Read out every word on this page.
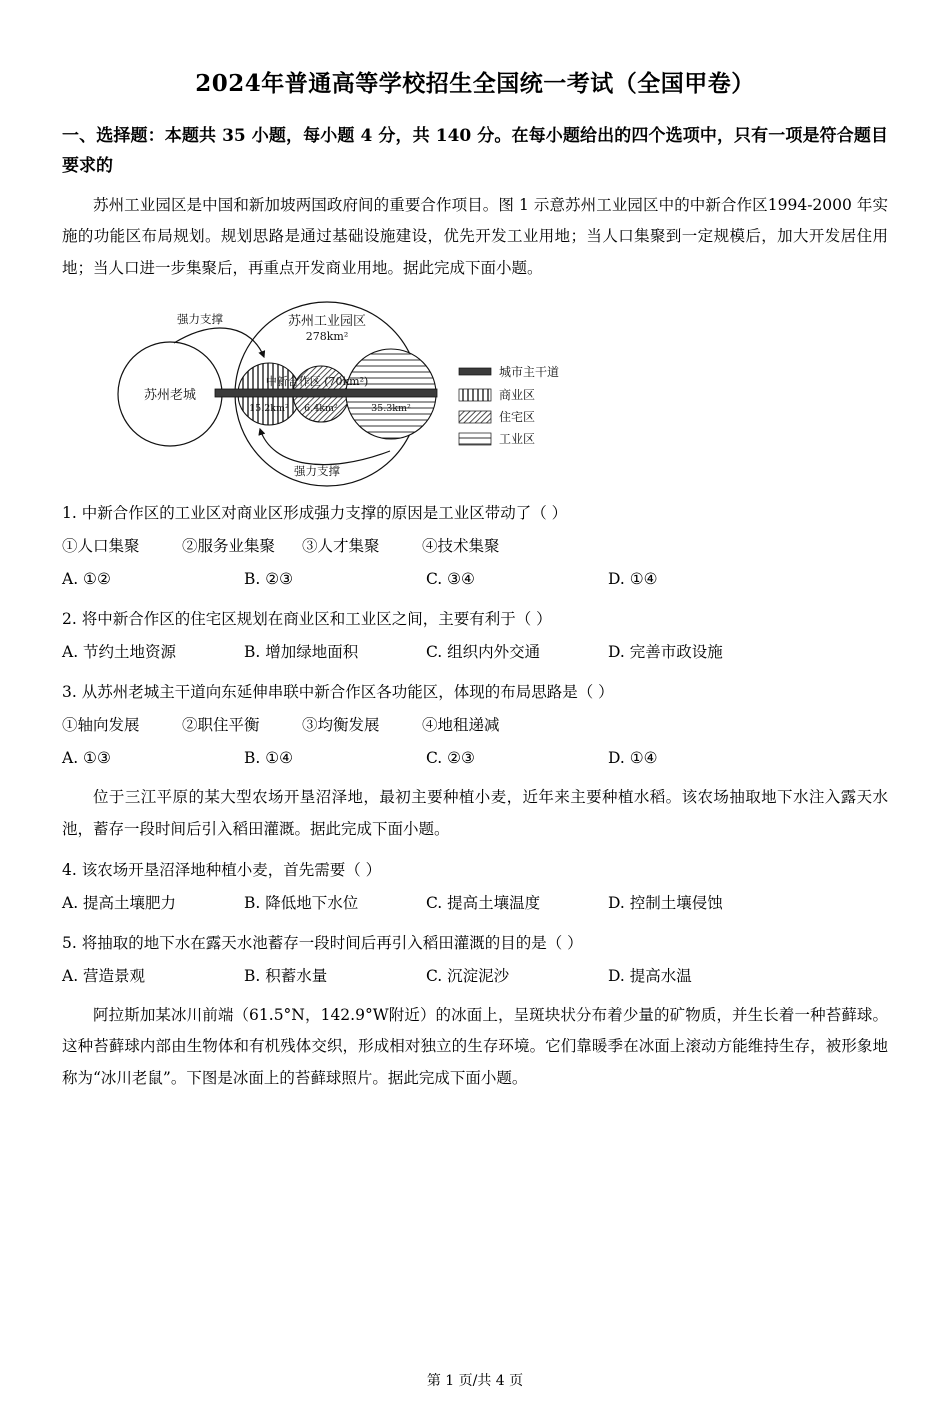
2024年普通高等学校招生全国统一考试（全国甲卷）
一、选择题：本题共 35 小题，每小题 4 分，共 140 分。在每小题给出的四个选项中，只有一项是符合题目要求的
苏州工业园区是中国和新加坡两国政府间的重要合作项目。图 1 示意苏州工业园区中的中新合作区1994-2000 年实施的功能区布局规划。规划思路是通过基础设施建设，优先开发工业用地；当人口集聚到一定规模后，加大开发居住用地；当人口进一步集聚后，再重点开发商业用地。据此完成下面小题。
苏州老城
苏州工业园区
278km²
中新合作区 (70km²)
15.2km² 6.4km²	35.3km²
强力支撑
强力支撑
城市主干道
商业区
住宅区
工业区
1. 中新合作区的工业区对商业区形成强力支撑的原因是工业区带动了（ ）
①人口集聚	②服务业集聚	③人才集聚	④技术集聚
A. ①②	B. ②③	C. ③④	D. ①④
2. 将中新合作区的住宅区规划在商业区和工业区之间，主要有利于（ ）
A. 节约土地资源	B. 增加绿地面积	C. 组织内外交通	D. 完善市政设施
3. 从苏州老城主干道向东延伸串联中新合作区各功能区，体现的布局思路是（ ）
①轴向发展	②职住平衡	③均衡发展	④地租递减
A. ①③	B. ①④	C. ②③	D. ①④
位于三江平原的某大型农场开垦沼泽地，最初主要种植小麦，近年来主要种植水稻。该农场抽取地下水注入露天水池，蓄存一段时间后引入稻田灌溉。据此完成下面小题。
4. 该农场开垦沼泽地种植小麦，首先需要（ ）
A. 提高土壤肥力	B. 降低地下水位	C. 提高土壤温度	D. 控制土壤侵蚀
5. 将抽取的地下水在露天水池蓄存一段时间后再引入稻田灌溉的目的是（ ）
A. 营造景观	B. 积蓄水量	C. 沉淀泥沙	D. 提高水温
阿拉斯加某冰川前端（61.5°N，142.9°W附近）的冰面上，呈斑块状分布着少量的矿物质，并生长着一种苔藓球。这种苔藓球内部由生物体和有机残体交织，形成相对独立的生存环境。它们靠暖季在冰面上滚动方能维持生存，被形象地称为“冰川老鼠”。下图是冰面上的苔藓球照片。据此完成下面小题。
第 1 页/共 4 页
